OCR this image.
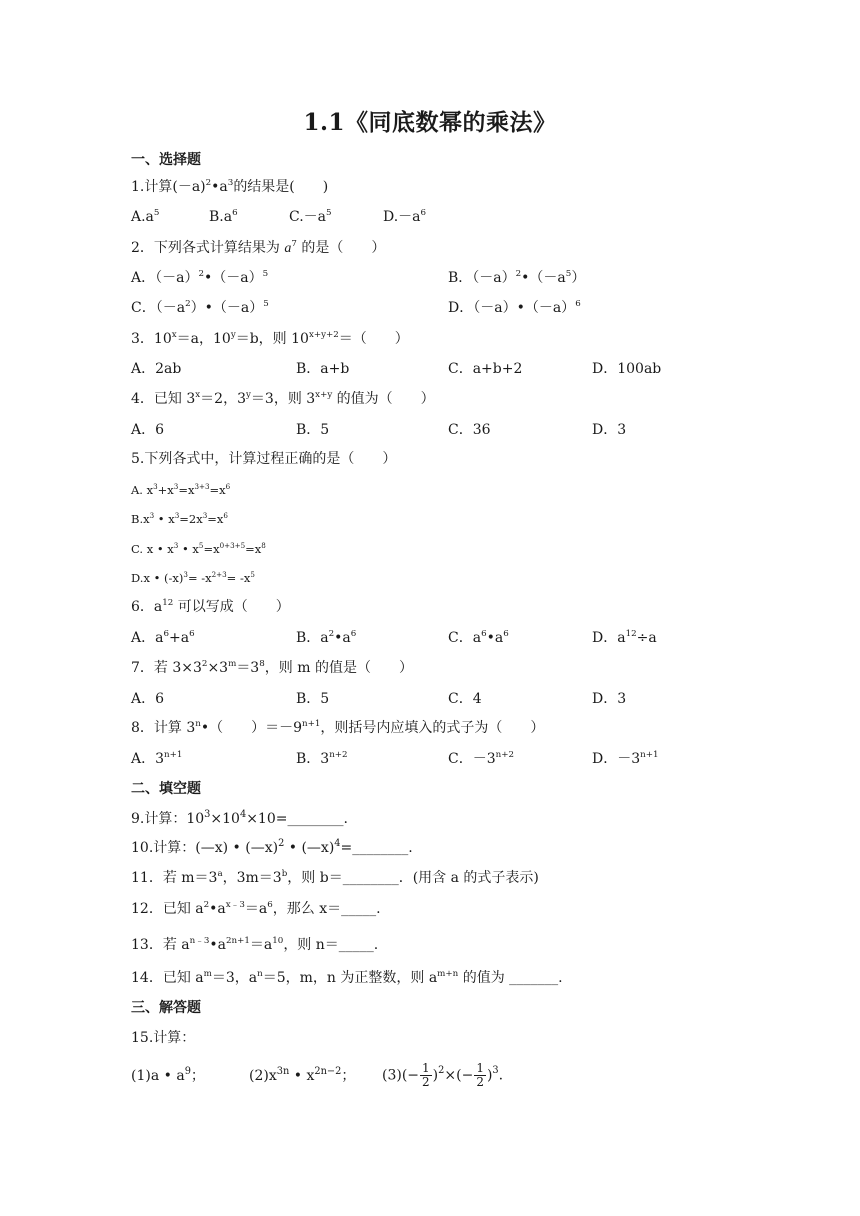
1.1《同底数幂的乘法》
一、选择题
1.计算$(-a)^2•a^3$的结果是(　　)
$A.a^5$	$B.a^6$	$C.-a^5$	$D.-a^6$
2．下列各式计算结果为 $a^7$ 的是（　　）
A．$(-a)^2•(-a)^5$	B．$(-a)^2•(-a^5)$
C．$(-a^2)•(-a)^5$	D．$(-a)•(-a)^6$
3．$10^x=a$，$10^y=b$，则 $10^{x+y+2}=$（　　）
A．2ab	B．a+b	C．a+b+2	D．100ab
4．已知 $3^x=2$，$3^y=3$，则 $3^{x+y}$ 的值为（　　）
A．6	B．5	C．36	D．3
5.下列各式中，计算过程正确的是（　　）
A. $x^3+x^3=x^{3+3}=x^6$
$B.x^3$ • $x^3=2x^3=x^6$
C. x • $x^3$ • $x^5=x^{0+3+5}=x^8$
D.x • $(-x)^3= -x^{2+3}= -x^5$
6．$a^{12}$ 可以写成（　　）
A．$a^6+a^6$	B．$a^2•a^6$	C．$a^6•a^6$	D．$a^{12}\div a$
7．若 $3\times 3^2\times 3^m=3^8$，则 m 的值是（　　）
A．6	B．5	C．4	D．3
8．计算 3$^n$•（　　）$=-9^{n+1}$，则括号内应填入的式子为（　　）
A．$3^{n+1}$	B．$3^{n+2}$	C．$-3^{n+2}$	D．$-3^{n+1}$
二、填空题
9.计算：$10^3\times 10^4\times 10=\_\_\_\_\_\_\_\_$.
10.计算：(—x) • (—x)$^2$ • (—x)$^4$=________.
11．若 $m=3^a$，$3m=3^b$，则 b＝________．(用含 a 的式子表示)
12．已知 $a^2•a^{x﹣3}=a^6$，那么 x＝_____.
13．若 $a^{n﹣3}•a^{2n+1}=a^{10}$，则 n＝_____.
14．已知 $a^m=3$，$a^n=5$，m，n 为正整数，则 $a^{m+n}$ 的值为 _______.
三、解答题
15.计算：
(1)a • $a^9$；	$(2)x^{3n}$ • $x^{2n-2}$； $(3)(- \frac{1}{2} )^2\times(- \frac{1}{2} )^3$.
